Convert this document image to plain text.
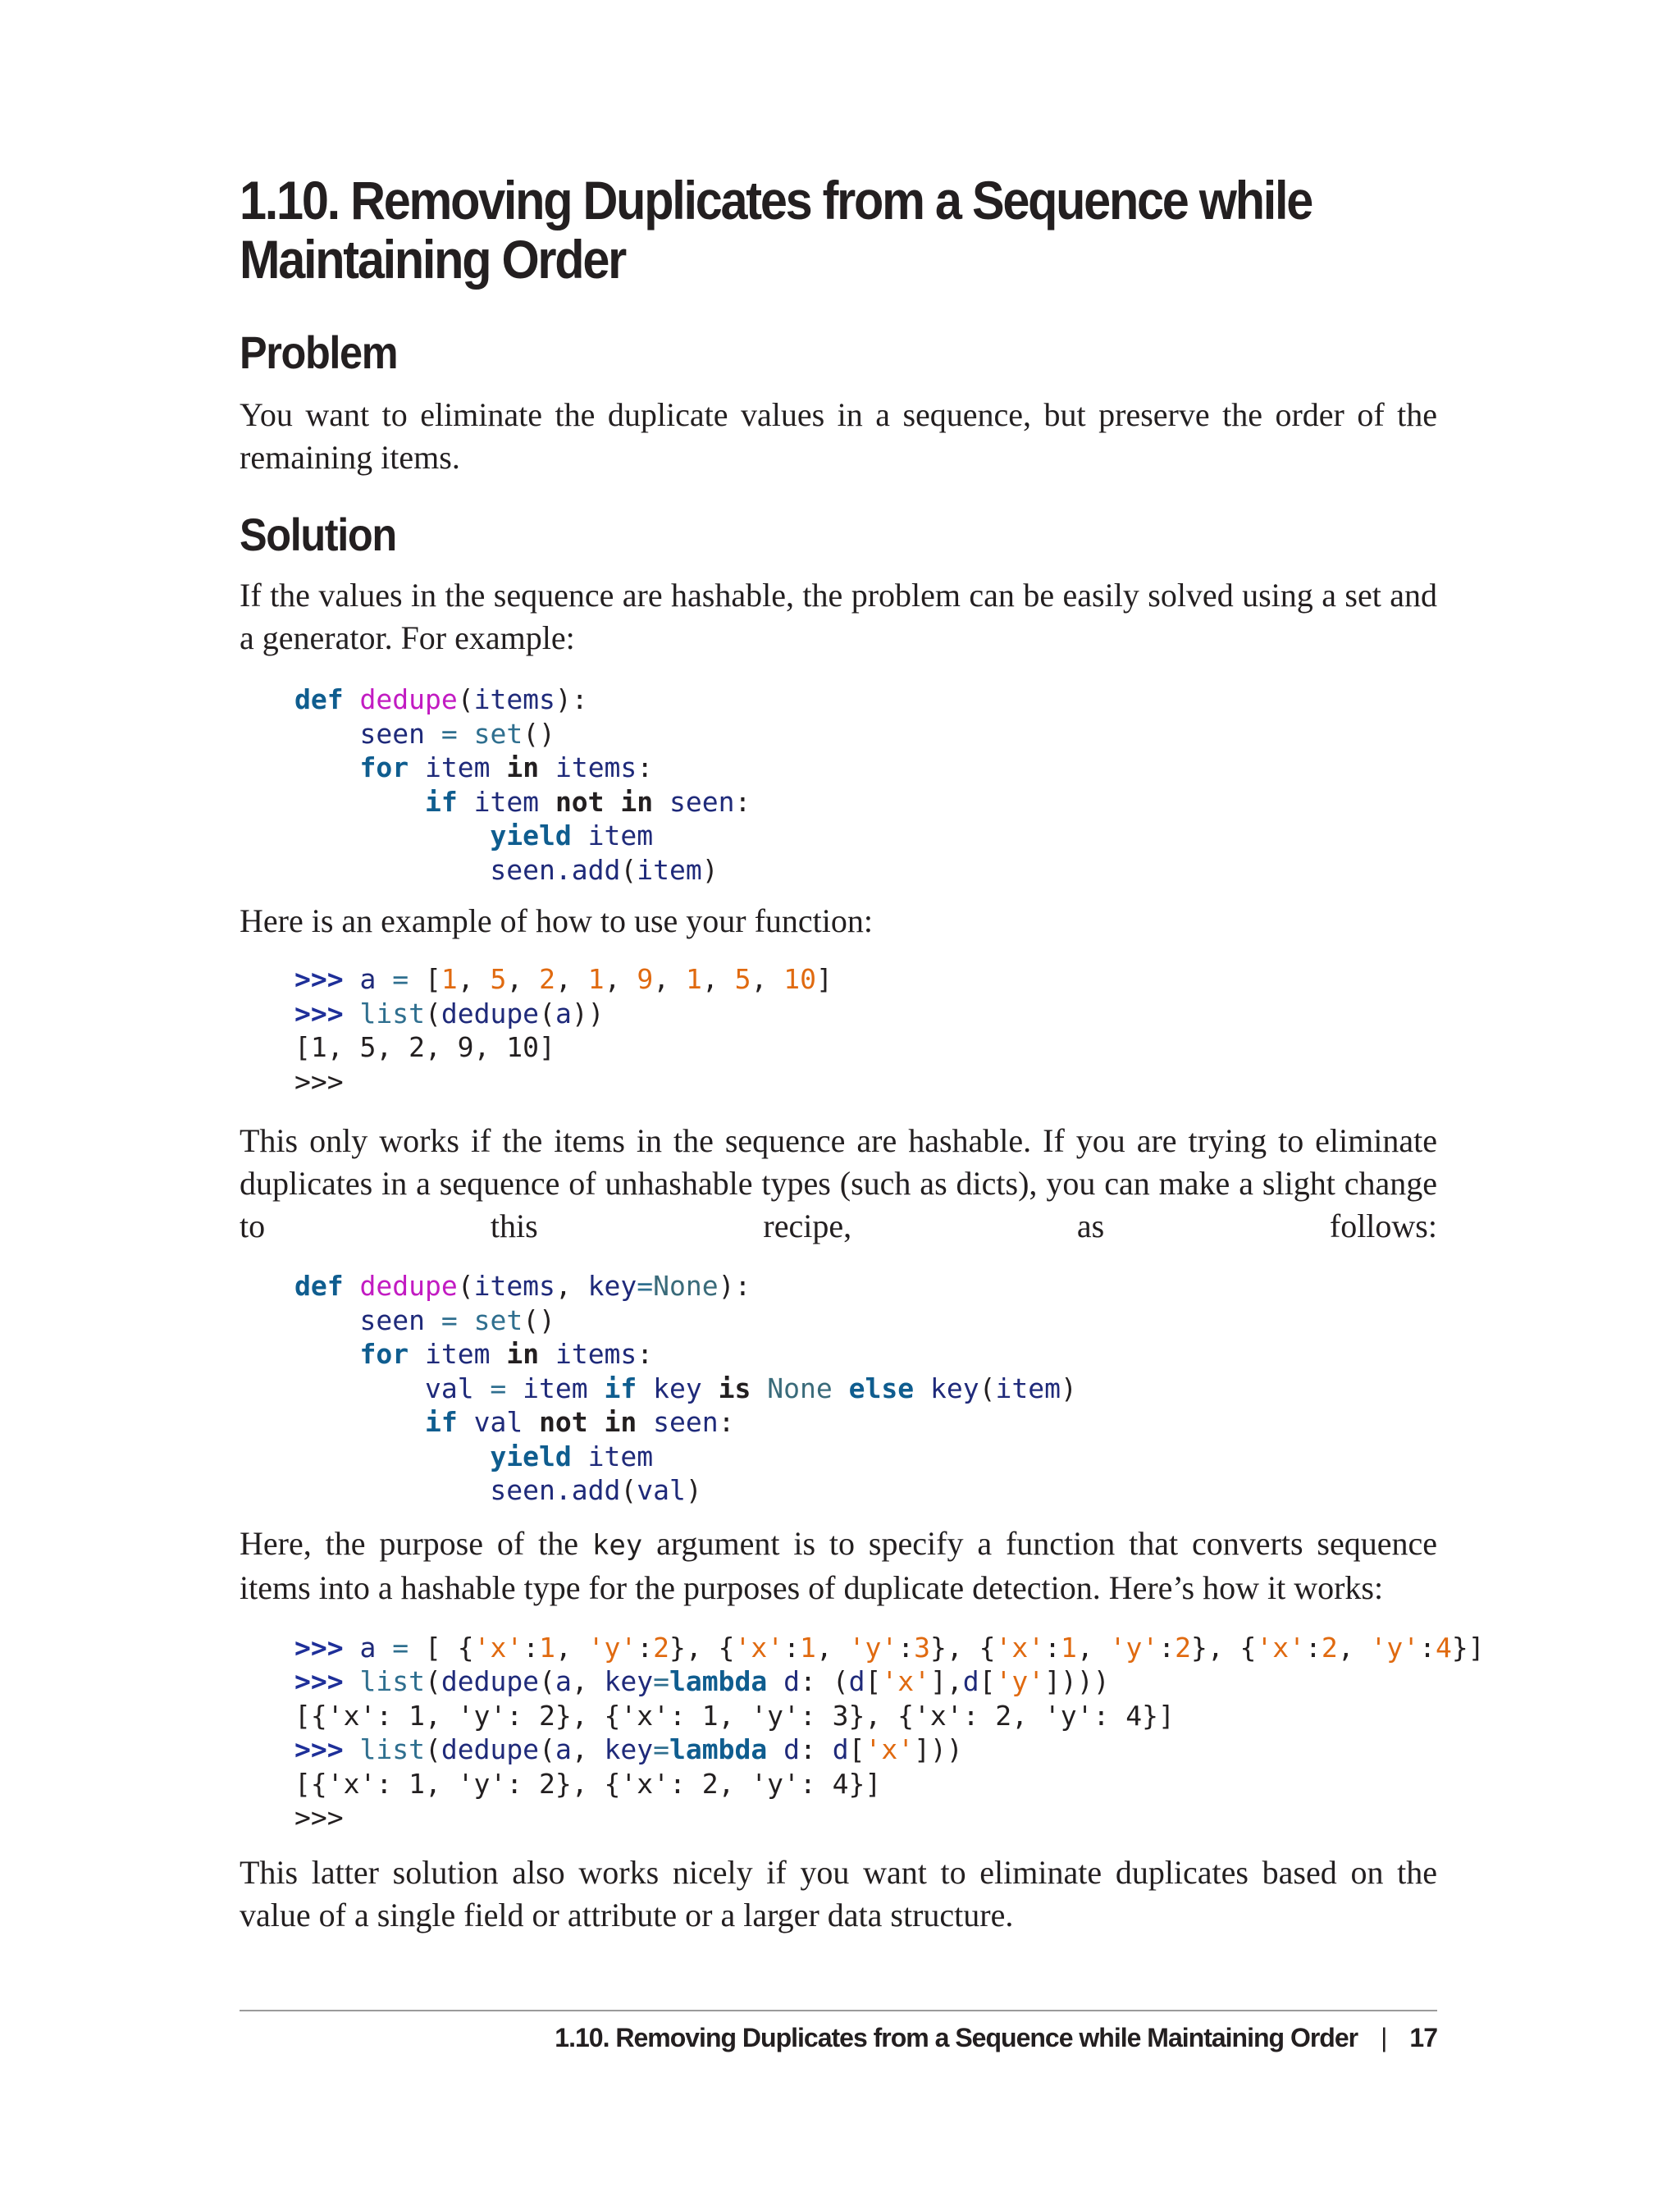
1.10. Removing Duplicates from a Sequence while Maintaining Order
Problem

You want to eliminate the duplicate values in a sequence, but preserve the order of the remaining items.

Solution

If the values in the sequence are hashable, the problem can be easily solved using a set and a generator. For example:

def dedupe(items):
seen = set()
for item in items:
if item not in seen:
yield item
seen.add(item)

Here is an example of how to use your function:

>>> a = [1, 5, 2, 1, 9, 1, 5, 10]
>>> list(dedupe(a))
[1, 5, 2, 9, 10]
>>>

This only works if the items in the sequence are hashable. If you are trying to eliminate duplicates in a sequence of unhashable types (such as dicts), you can make a slight change to this recipe, as follows:

def dedupe(items, key=None):
seen = set()
for item in items:
val = item if key is None else key(item)
if val not in seen:
yield item
seen.add(val)

Here, the purpose of the key argument is to specify a function that converts sequence items into a hashable type for the purposes of duplicate detection. Here’s how it works:

>>> a = [ {'x':1, 'y':2}, {'x':1, 'y':3}, {'x':1, 'y':2}, {'x':2, 'y':4}]
>>> list(dedupe(a, key=lambda d: (d['x'],d['y'])))
[{'x': 1, 'y': 2}, {'x': 1, 'y': 3}, {'x': 2, 'y': 4}]
>>> list(dedupe(a, key=lambda d: d['x']))
[{'x': 1, 'y': 2}, {'x': 2, 'y': 4}]
>>>

This latter solution also works nicely if you want to eliminate duplicates based on the value of a single field or attribute or a larger data structure.

1.10. Removing Duplicates from a Sequence while Maintaining Order | 17
